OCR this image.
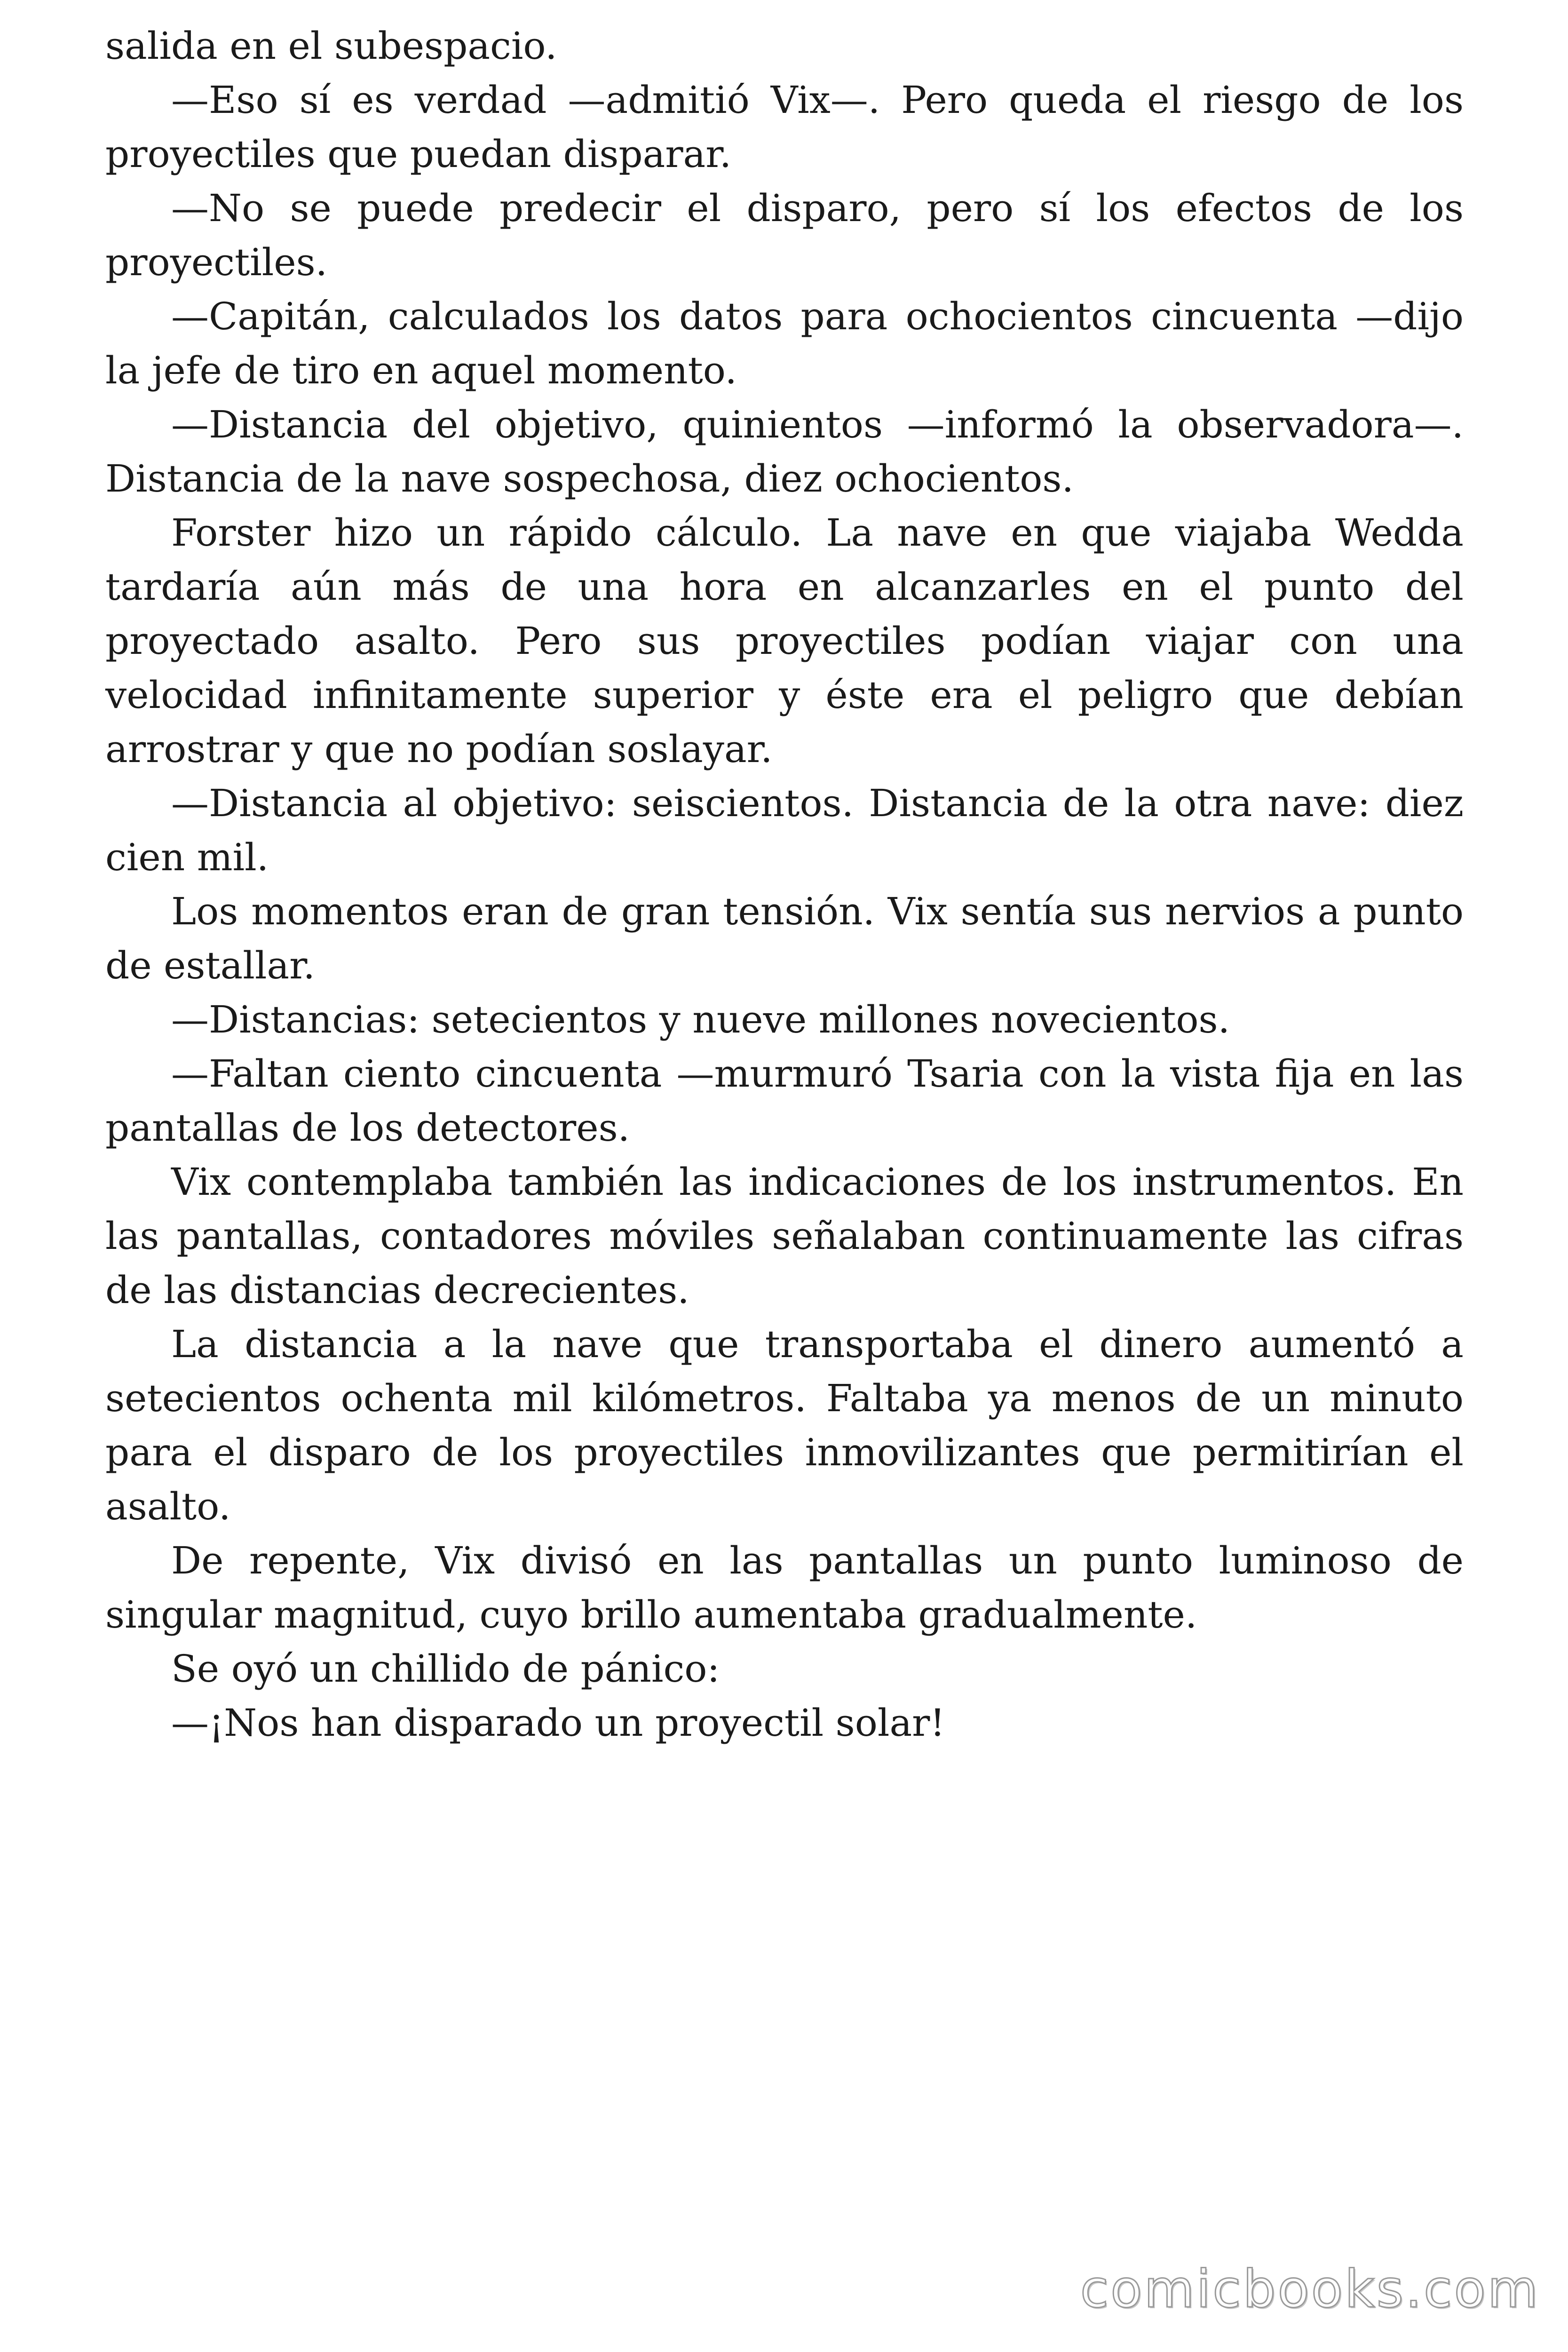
salida en el subespacio.

—Eso sí es verdad —admitió Vix—. Pero queda el riesgo de los proyectiles que puedan disparar.

—No se puede predecir el disparo, pero sí los efectos de los proyectiles.

—Capitán, calculados los datos para ochocientos cincuenta —dijo la jefe de tiro en aquel momento.

—Distancia del objetivo, quinientos —informó la observadora—. Distancia de la nave sospechosa, diez ochocientos.

Forster hizo un rápido cálculo. La nave en que viajaba Wedda tardaría aún más de una hora en alcanzarles en el punto del proyectado asalto. Pero sus proyectiles podían viajar con una velocidad infinitamente superior y éste era el peligro que debían arrostrar y que no podían soslayar.

—Distancia al objetivo: seiscientos. Distancia de la otra nave: diez cien mil.

Los momentos eran de gran tensión. Vix sentía sus nervios a punto de estallar.

—Distancias: setecientos y nueve millones novecientos.

—Faltan ciento cincuenta —murmuró Tsaria con la vista fija en las pantallas de los detectores.

Vix contemplaba también las indicaciones de los instrumentos. En las pantallas, contadores móviles señalaban continuamente las cifras de las distancias decrecientes.

La distancia a la nave que transportaba el dinero aumentó a setecientos ochenta mil kilómetros. Faltaba ya menos de un minuto para el disparo de los proyectiles inmovilizantes que permitirían el asalto.

De repente, Vix divisó en las pantallas un punto luminoso de singular magnitud, cuyo brillo aumentaba gradualmente.

Se oyó un chillido de pánico:

—¡Nos han disparado un proyectil solar!

comicbooks.com
